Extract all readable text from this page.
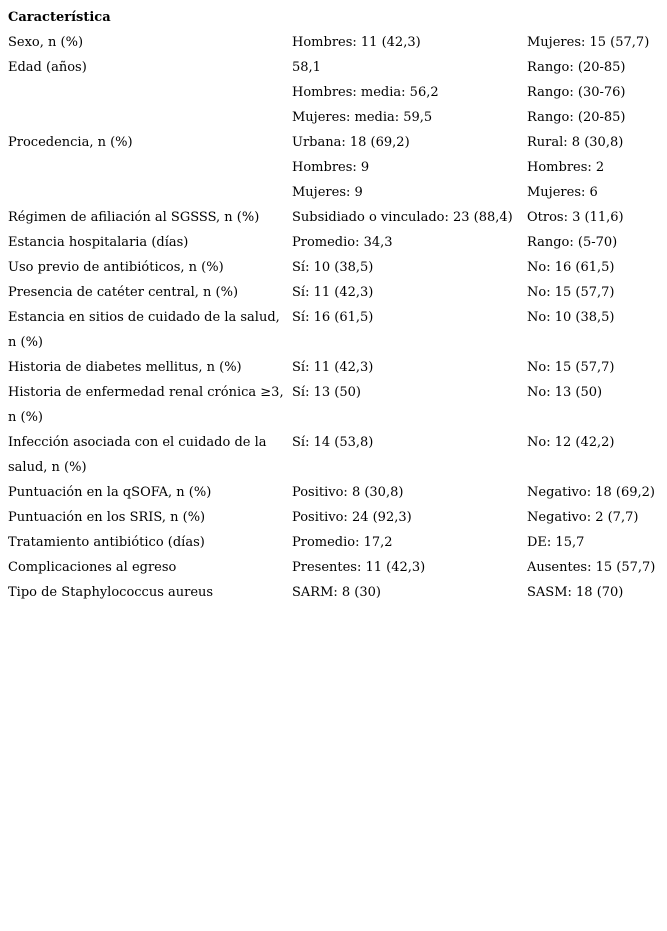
Característica		
Sexo, n (%)	Hombres: 11 (42,3)	Mujeres: 15 (57,7)
Edad (años)	58,1	Rango: (20-85)
	Hombres: media: 56,2	Rango: (30-76)
	Mujeres: media: 59,5	Rango: (20-85)
Procedencia, n (%)	Urbana: 18 (69,2)	Rural: 8 (30,8)
	Hombres: 9	Hombres: 2
	Mujeres: 9	Mujeres: 6
Régimen de afiliación al SGSSS, n (%)	Subsidiado o vinculado: 23 (88,4)	Otros: 3 (11,6)
Estancia hospitalaria (días)	Promedio: 34,3	Rango: (5-70)
Uso previo de antibióticos, n (%)	Sí: 10 (38,5)	No: 16 (61,5)
Presencia de catéter central, n (%)	Sí: 11 (42,3)	No: 15 (57,7)
Estancia en sitios de cuidado de la salud, n (%)	Sí: 16 (61,5)	No: 10 (38,5)
Historia de diabetes mellitus, n (%)	Sí: 11 (42,3)	No: 15 (57,7)
Historia de enfermedad renal crónica ≥3, n (%)	Sí: 13 (50)	No: 13 (50)
Infección asociada con el cuidado de la salud, n (%)	Sí: 14 (53,8)	No: 12 (42,2)
Puntuación en la qSOFA, n (%)	Positivo: 8 (30,8)	Negativo: 18 (69,2)
Puntuación en los SRIS, n (%)	Positivo: 24 (92,3)	Negativo: 2 (7,7)
Tratamiento antibiótico (días)	Promedio: 17,2	DE: 15,7
Complicaciones al egreso	Presentes: 11 (42,3)	Ausentes: 15 (57,7)
Tipo de Staphylococcus aureus	SARM: 8 (30)	SASM: 18 (70)
